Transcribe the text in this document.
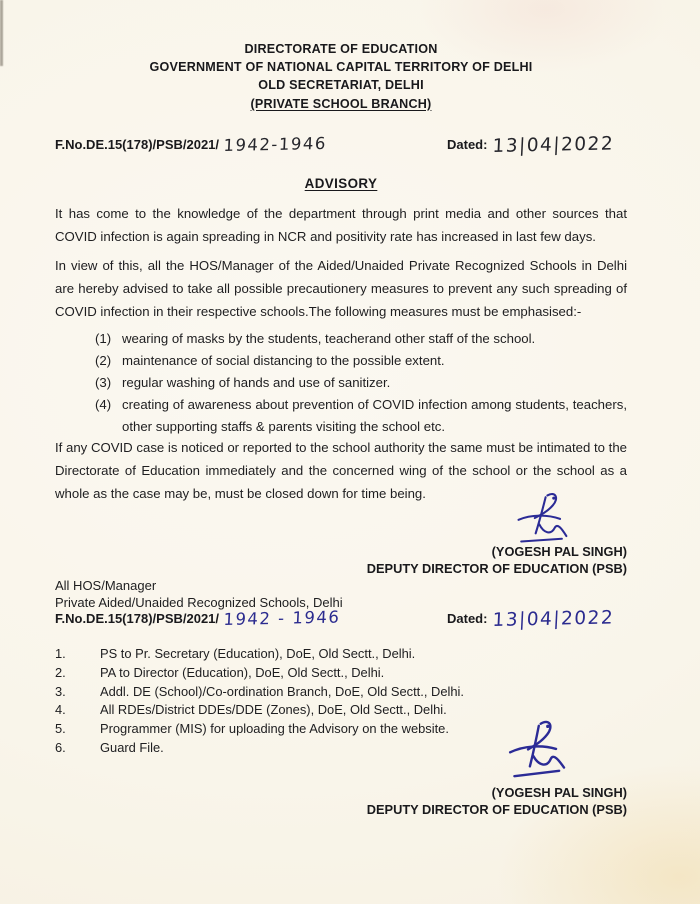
DIRECTORATE OF EDUCATION
GOVERNMENT OF NATIONAL CAPITAL TERRITORY OF DELHI
OLD SECRETARIAT, DELHI
(PRIVATE SCHOOL BRANCH)
F.No.DE.15(178)/PSB/2021/ 1942-1946	Dated: 13|04|2022
ADVISORY

It has come to the knowledge of the department through print media and other sources that COVID infection is again spreading in NCR and positivity rate has increased in last few days.

In view of this, all the HOS/Manager of the Aided/Unaided Private Recognized Schools in Delhi are hereby advised to take all possible precautionery measures to prevent any such spreading of COVID infection in their respective schools.The following measures must be emphasised:-

(1) wearing of masks by the students, teacherand other staff of the school.
(2) maintenance of social distancing to the possible extent.
(3) regular washing of hands and use of sanitizer.
(4) creating of awareness about prevention of COVID infection among students, teachers, other supporting staffs & parents visiting the school etc.

If any COVID case is noticed or reported to the school authority the same must be intimated to the Directorate of Education immediately and the concerned wing of the school or the school as a whole as the case may be, must be closed down for time being.

(YOGESH PAL SINGH)
DEPUTY DIRECTOR OF EDUCATION (PSB)
All HOS/Manager
Private Aided/Unaided Recognized Schools, Delhi
F.No.DE.15(178)/PSB/2021/ 1942 - 1946	Dated: 13|04|2022
1.	PS to Pr. Secretary (Education), DoE, Old Sectt., Delhi.
2.	PA to Director (Education), DoE, Old Sectt., Delhi.
3.	Addl. DE (School)/Co-ordination Branch, DoE, Old Sectt., Delhi.
4.	All RDEs/District DDEs/DDE (Zones), DoE, Old Sectt., Delhi.
5.	Programmer (MIS) for uploading the Advisory on the website.
6.	Guard File.
(YOGESH PAL SINGH)
DEPUTY DIRECTOR OF EDUCATION (PSB)
